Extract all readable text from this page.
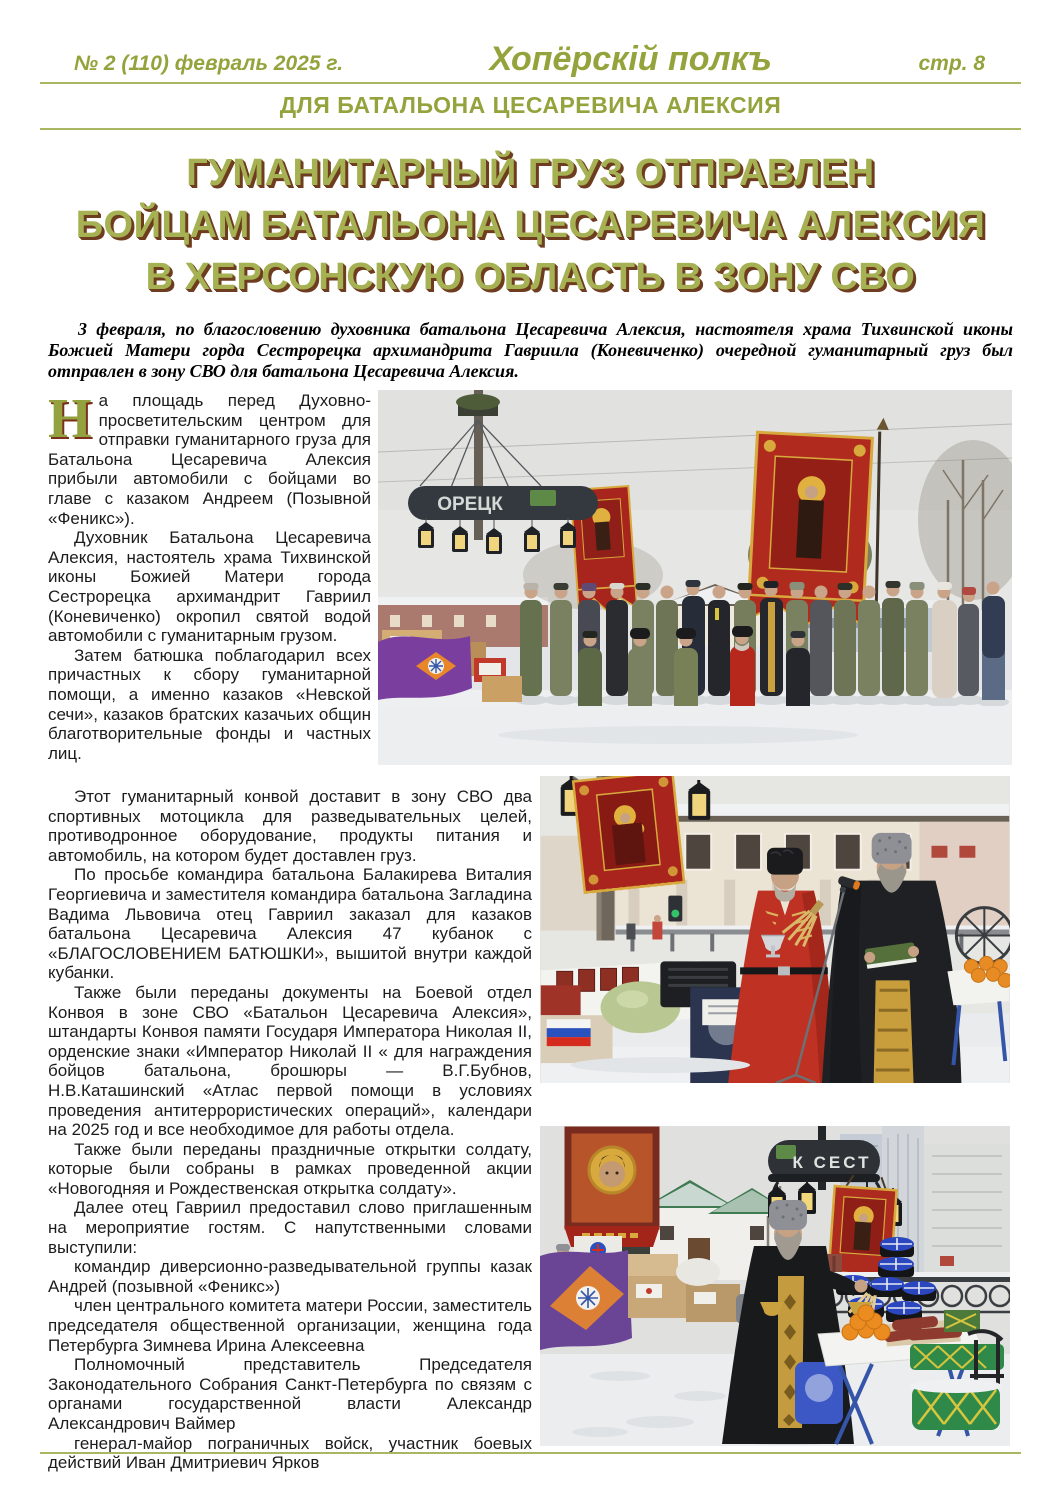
№ 2 (110) февраль 2025 г.	Хопёрскій полкъ	стр. 8
ДЛЯ БАТАЛЬОНА ЦЕСАРЕВИЧА АЛЕКСИЯ
ГУМАНИТАРНЫЙ ГРУЗ ОТПРАВЛЕН
БОЙЦАМ БАТАЛЬОНА ЦЕСАРЕВИЧА АЛЕКСИЯ
В ХЕРСОНСКУЮ ОБЛАСТЬ В ЗОНУ СВО

3 февраля, по благословению духовника батальона Цесаревича Алексия, настоятеля храма Тихвинской иконы Божией Матери горда Сестрорецка архимандрита Гавриила (Коневиченко) очередной гуманитарный груз был отправлен в зону СВО для батальона Цесаревича Алексия.

На площадь перед Духовно-просветительским центром для отправки гуманитарного груза для Батальона Цесаревича Алексия прибыли автомобили с бойцами во главе с казаком Андреем (Позывной «Феникс»).

Духовник Батальона Цесаревича Алексия, настоятель храма Тихвинской иконы Божией Матери города Сестрорецка архимандрит Гавриил (Коневиченко) окропил святой водой автомобили с гуманитарным грузом.

Затем батюшка поблагодарил всех причастных к сбору гуманитарной помощи, а именно казаков «Невской сечи», казаков братских казачьих общин благотворительные фонды и частных лиц.

Этот гуманитарный конвой доставит в зону СВО два спортивных мотоцикла для разведывательных целей, противодронное оборудование, продукты питания и автомобиль, на котором будет доставлен груз.

По просьбе командира батальона Балакирева Виталия Георгиевича и заместителя командира батальона Загладина Вадима Львовича отец Гавриил заказал для казаков батальона Цесаревича Алексия 47 кубанок с «БЛАГОСЛОВЕНИЕМ БАТЮШКИ», вышитой внутри каждой кубанки.

Также были переданы документы на Боевой отдел Конвоя в зоне СВО «Батальон Цесаревича Алексия», штандарты Конвоя памяти Государя Императора Николая II, орденские знаки «Император Николай II « для награждения бойцов батальона, брошюры — В.Г.Бубнов, Н.В.Каташинский «Атлас первой помощи в условиях проведения антитеррористических операций», календари на 2025 год и все необходимое для работы отдела.

Также были переданы праздничные открытки солдату, которые были собраны в рамках проведенной акции «Новогодняя и Рождественская открытка солдату».

Далее отец Гавриил предоставил слово приглашенным на мероприятие гостям. С напутственными словами выступили:

командир диверсионно-разведывательной группы казак Андрей (позывной «Феникс»)

член центрального комитета матери России, заместитель председателя общественной организации, женщина года Петербурга Зимнева Ирина Алексеевна

Полномочный представитель Председателя Законодательного Собрания Санкт-Петербурга по связям с органами государственной власти Александр Александрович Ваймер

генерал-майор пограничных войск, участник боевых действий Иван Дмитриевич Ярков

ОРЕЦК
К СЕСТ
